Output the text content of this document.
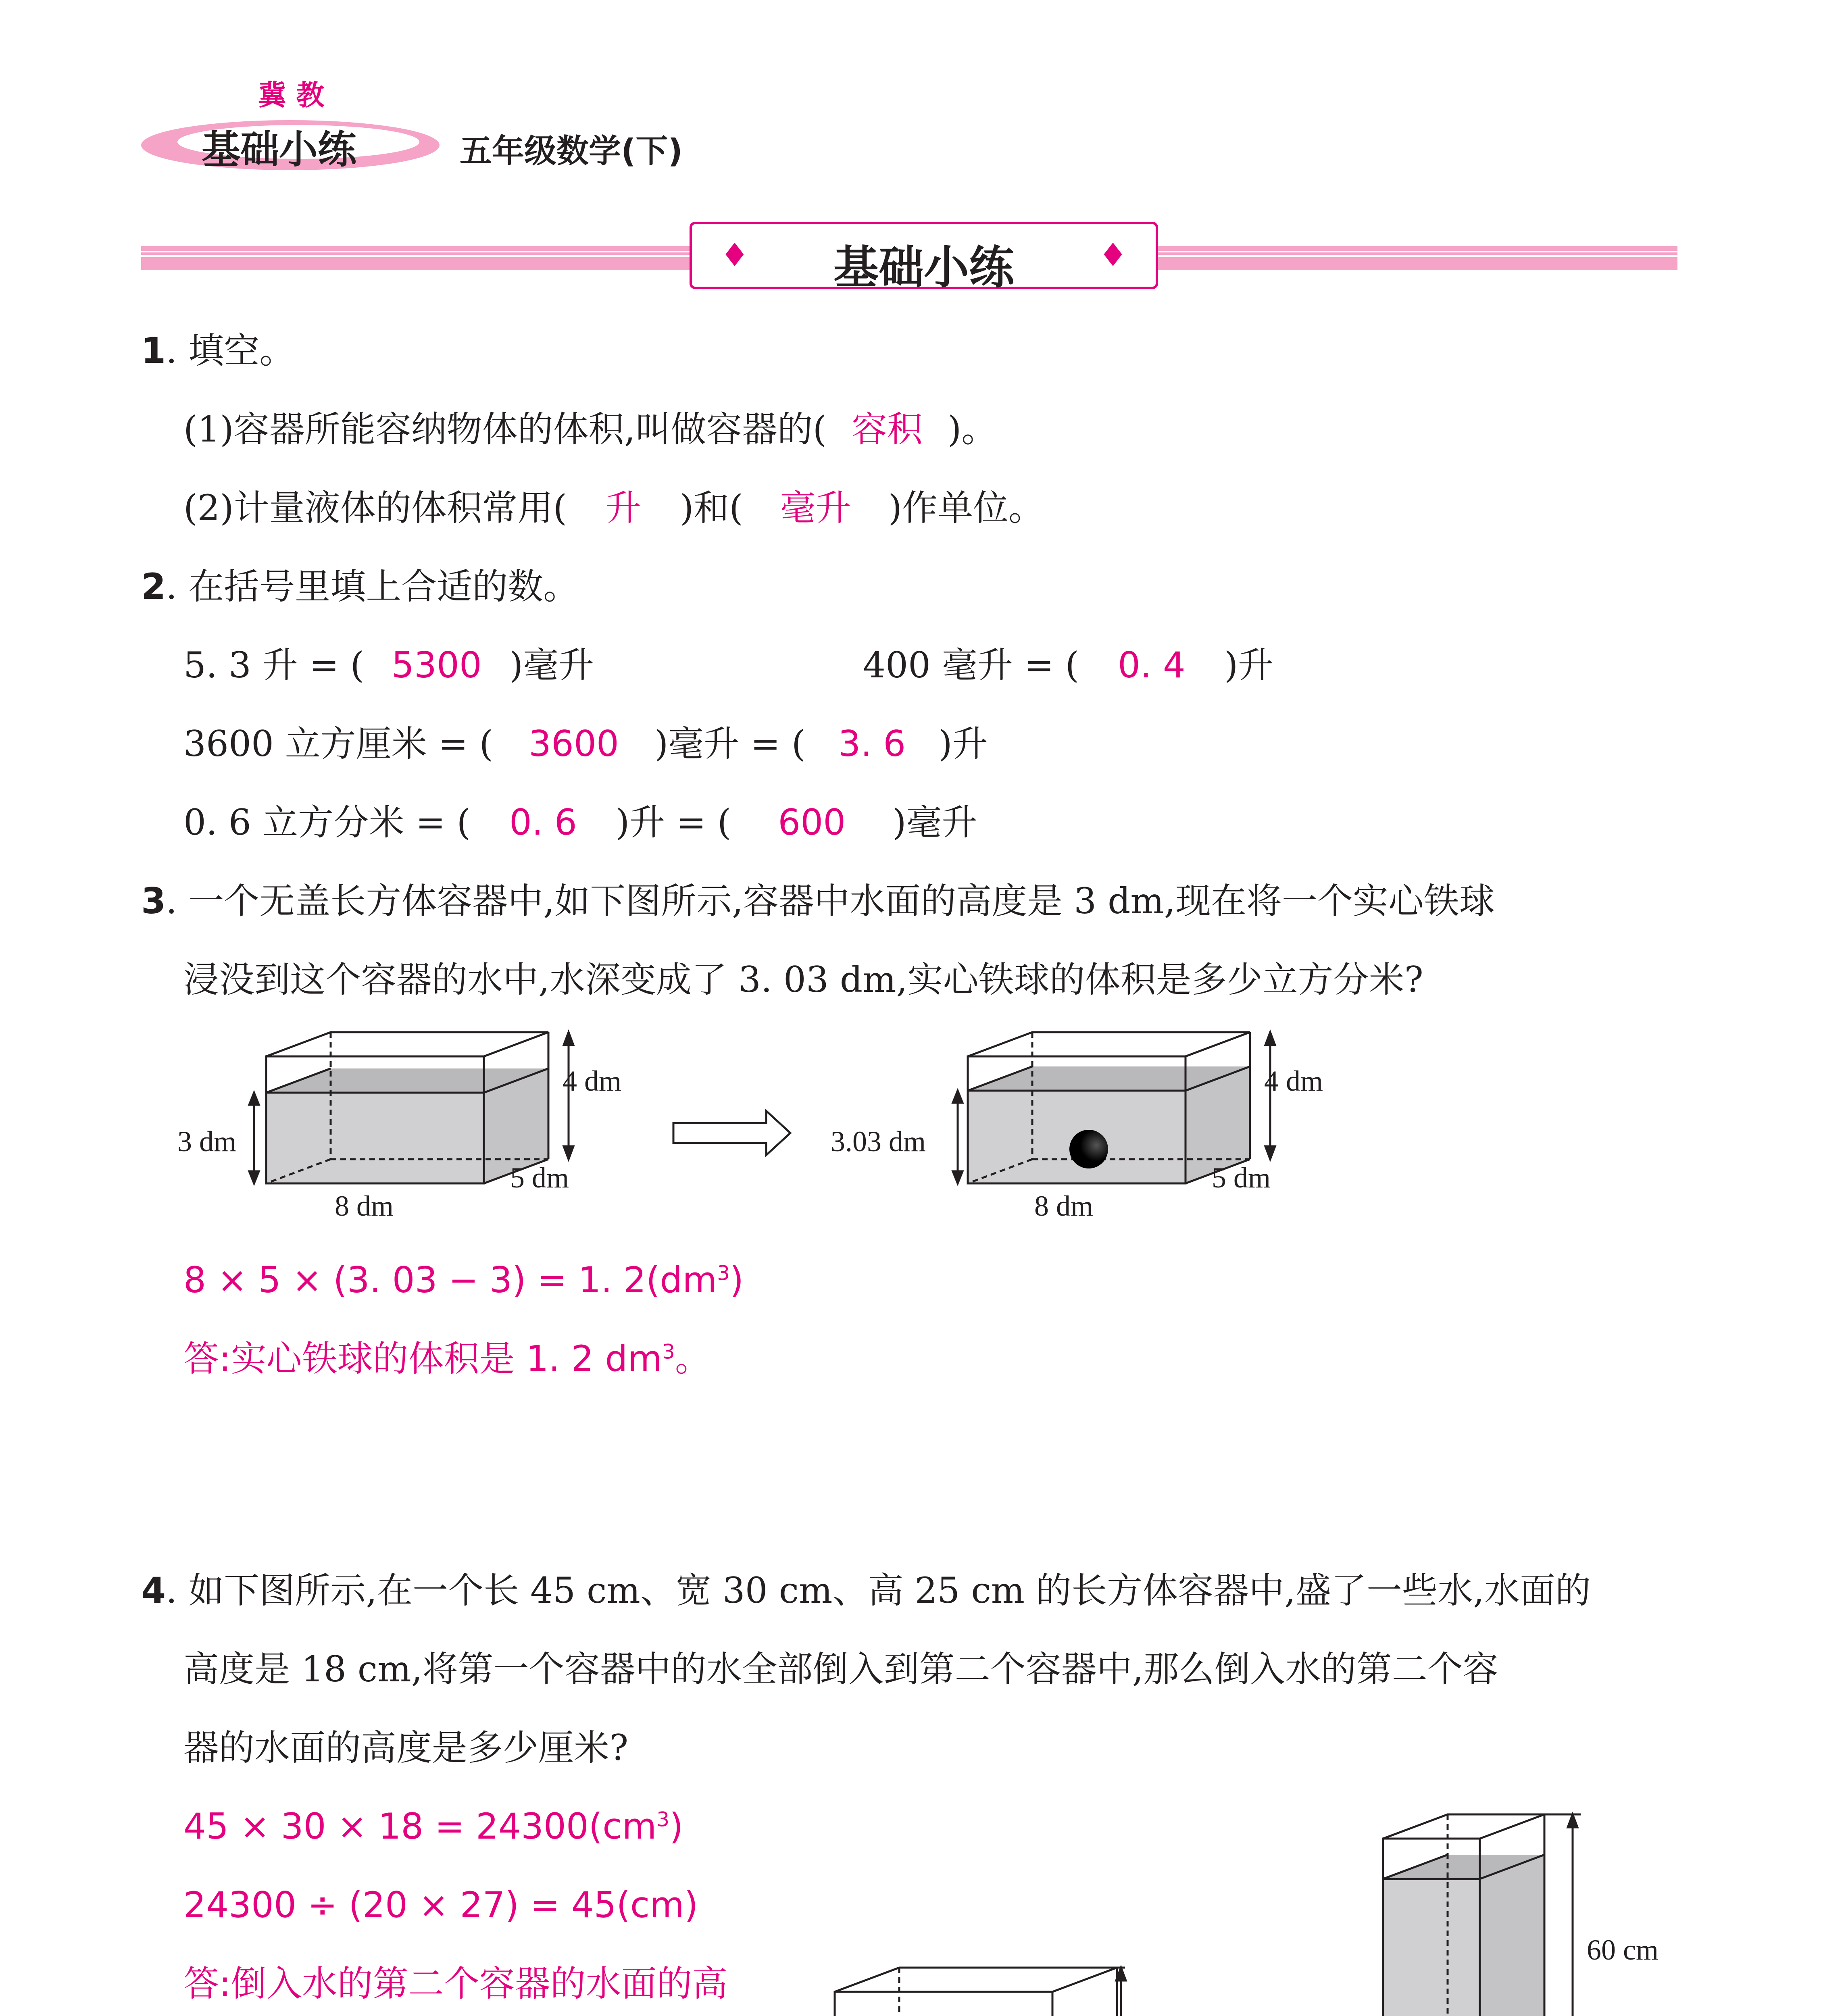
冀 教
基础小练	五年级数学(下)
♦ 基础小练	♦
1. 填空。
(1)容器所能容纳物体的体积,叫做容器的( 容积 )。
(2)计量液体的体积常用( 升 )和( 毫升 )作单位。
2. 在括号里填上合适的数。
5. 3 升 = ( 5300 )毫升	400 毫升 = ( 0. 4 )升
3600 立方厘米 = ( 3600 )毫升 = ( 3. 6 )升
0. 6 立方分米 = ( 0. 6 )升 = ( 600 )毫升
3. 一个无盖长方体容器中,如下图所示,容器中水面的高度是 3 dm,现在将一个实心铁球
浸没到这个容器的水中,水深变成了 3. 03 dm,实心铁球的体积是多少立方分米?
4 dm
3 dm
8 dm
5 dm
4 dm
3.03 dm
8 dm
5 dm
8 × 5 × (3. 03 − 3) = 1. $2(dm^3)$
答:实心铁球的体积是 1. 2 $dm^3$。
4. 如下图所示,在一个长 45 cm、宽 30 cm、高 25 cm 的长方体容器中,盛了一些水,水面的
高度是 18 cm,将第一个容器中的水全部倒入到第二个容器中,那么倒入水的第二个容
器的水面的高度是多少厘米?
$45 \times 30 \times 18 = 24300(cm^3)$
24300 ÷ (20 × 27) = 45(cm)
答:倒入水的第二个容器的水面的高
60 cm
